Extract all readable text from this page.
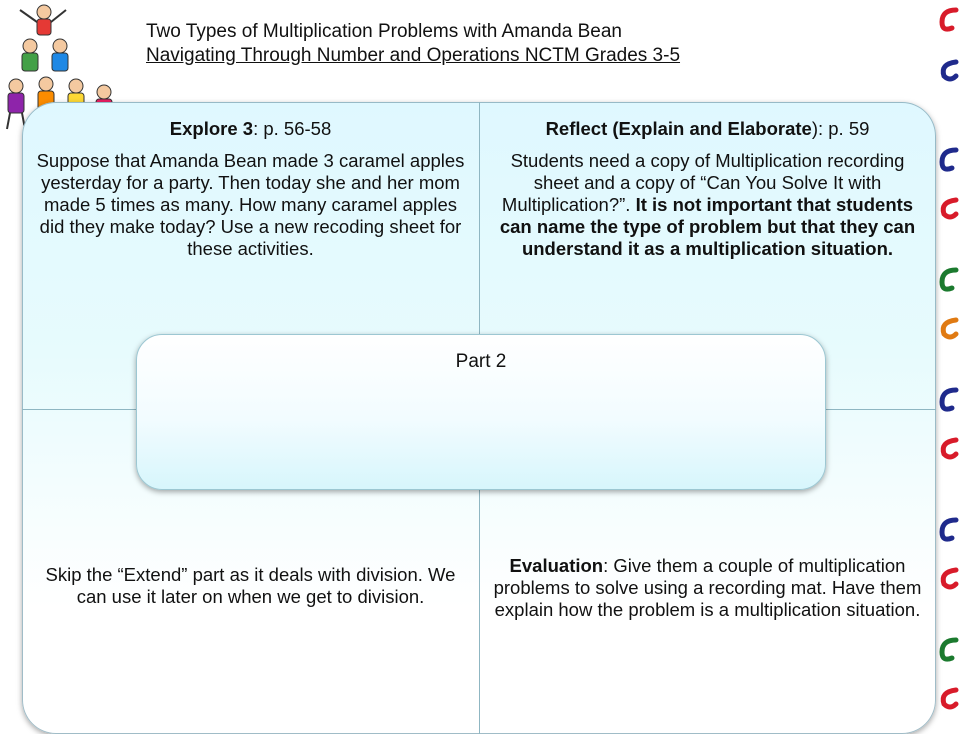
Two Types of Multiplication Problems with Amanda Bean
Navigating Through Number and Operations NCTM Grades 3-5
Explore 3: p. 56-58
Suppose that Amanda Bean made 3 caramel apples yesterday for a party. Then today she and her mom made 5 times as many. How many caramel apples did they make today? Use a new recoding sheet for these activities.
Reflect (Explain and Elaborate): p. 59
Students need a copy of Multiplication recording sheet and a copy of “Can You Solve It with Multiplication?”. It is not important that students can name the type of problem but that they can understand it as a multiplication situation.
Skip the “Extend” part as it deals with division. We can use it later on when we get to division.
Evaluation: Give them a couple of multiplication problems to solve using a recording mat. Have them explain how the problem is a multiplication situation.
Part 2
